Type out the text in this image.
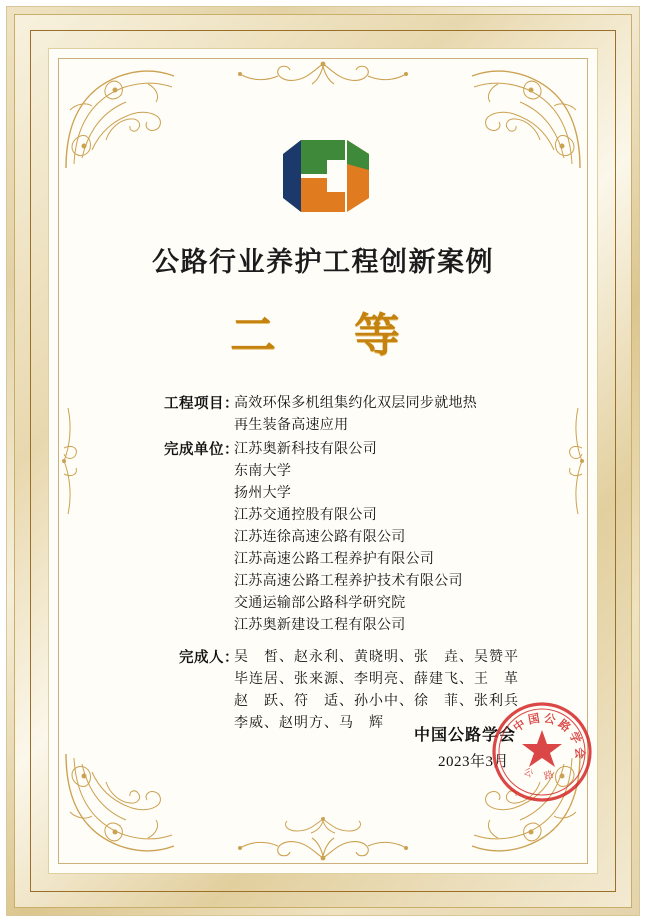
公路行业养护工程创新案例
二　等
工程项目 ：
高效环保多机组集约化双层同步就地热
再生装备高速应用
完成单位 ：
江苏奥新科技有限公司
东南大学
扬州大学
江苏交通控股有限公司
江苏连徐高速公路有限公司
江苏高速公路工程养护有限公司
江苏高速公路工程养护技术有限公司
交通运输部公路科学研究院
江苏奥新建设工程有限公司
完成人 ：
吴　皙、赵永利、黄晓明、张　垚、吴赞平
毕连居、张来源、李明亮、薛建飞、王　革
赵　跃、符　适、孙小中、徐　菲、张利兵
李威、赵明方、马　辉
中国公路学会
2023年3月
中国公路学会
公　路
